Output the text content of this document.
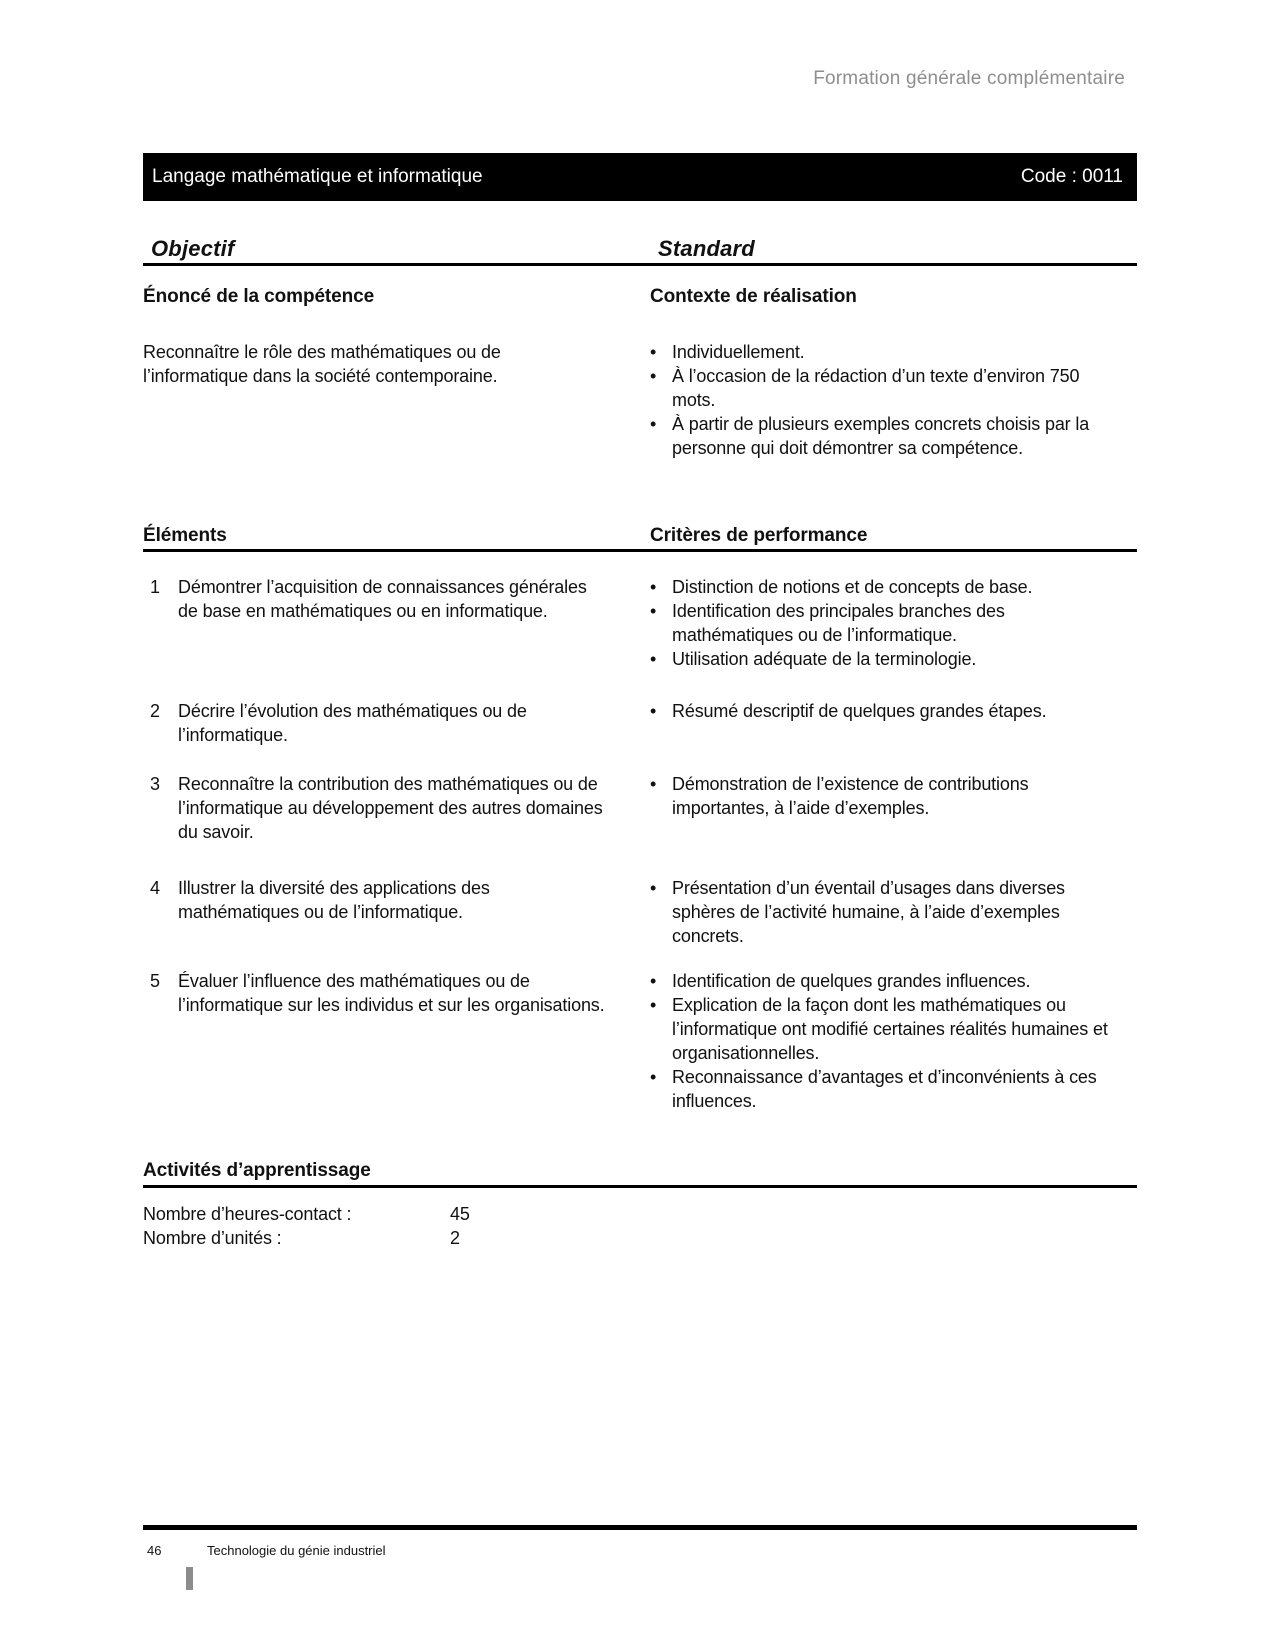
Formation générale complémentaire
Langage mathématique et informatique	Code : 0011
Objectif	Standard
Énoncé de la compétence	Contexte de réalisation

Reconnaître le rôle des mathématiques ou de l’informatique dans la société contemporaine.

• Individuellement.
• À l’occasion de la rédaction d’un texte d’environ 750 mots.
• À partir de plusieurs exemples concrets choisis par la personne qui doit démontrer sa compétence.
Éléments	Critères de performance
1	Démontrer l’acquisition de connaissances générales de base en mathématiques ou en informatique.
• Distinction de notions et de concepts de base.
• Identification des principales branches des mathématiques ou de l’informatique.
• Utilisation adéquate de la terminologie.
2	Décrire l’évolution des mathématiques ou de l’informatique.
• Résumé descriptif de quelques grandes étapes.
3	Reconnaître la contribution des mathématiques ou de l’informatique au développement des autres domaines du savoir.
• Démonstration de l’existence de contributions importantes, à l’aide d’exemples.
4	Illustrer la diversité des applications des mathématiques ou de l’informatique.
• Présentation d’un éventail d’usages dans diverses sphères de l’activité humaine, à l’aide d’exemples concrets.
5	Évaluer l’influence des mathématiques ou de l’informatique sur les individus et sur les organisations.
• Identification de quelques grandes influences.
• Explication de la façon dont les mathématiques ou l’informatique ont modifié certaines réalités humaines et organisationnelles.
• Reconnaissance d’avantages et d’inconvénients à ces influences.
Activités d’apprentissage
Nombre d’heures-contact :	45
Nombre d’unités :	2
46	Technologie du génie industriel
